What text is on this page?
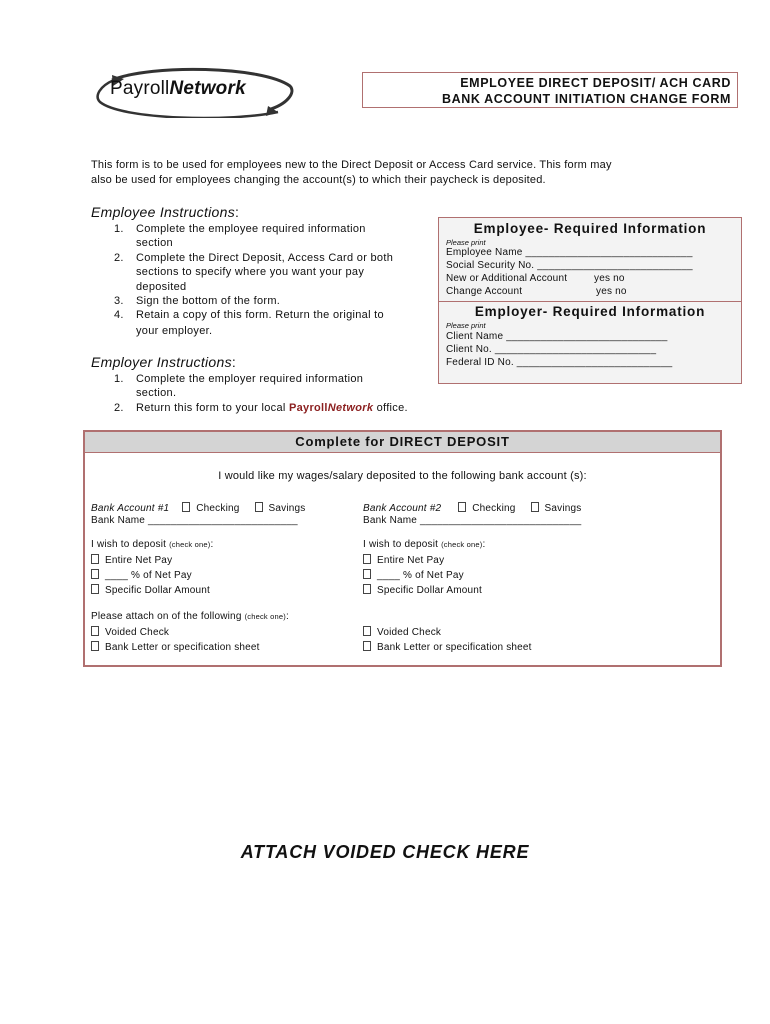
PayrollNetwork	EMPLOYEE DIRECT DEPOSIT/ ACH CARD
BANK ACCOUNT INITIATION CHANGE FORM
This form is to be used for employees new to the Direct Deposit or Access Card service. This form may
also be used for employees changing the account(s) to which their paycheck is deposited.
Employee Instructions:
1. Complete the employee required information
section
2. Complete the Direct Deposit, Access Card or both
sections to specify where you want your pay
deposited
3. Sign the bottom of the form.
4. Retain a copy of this form. Return the original to
your employer.
Employer Instructions:
1. Complete the employer required information
section.
2. Return this form to your local PayrollNetwork office.
Employee- Required Information
Please print
Employee Name _____________________________
Social Security No. ___________________________
New or Additional Account	yes no
Change Account	yes no
Employer- Required Information
Please print
Client Name ____________________________
Client No. ____________________________
Federal ID No. ___________________________
Complete for DIRECT DEPOSIT
I would like my wages/salary deposited to the following bank account (s):
Bank Account #1	Checking	Savings
Bank Name __________________________
I wish to deposit (check one):
Entire Net Pay
____ % of Net Pay
Specific Dollar Amount
Bank Account #2	Checking	Savings
Bank Name ____________________________
I wish to deposit (check one):
Entire Net Pay
____ % of Net Pay
Specific Dollar Amount
Please attach on of the following (check one):
Voided Check
Bank Letter or specification sheet
Voided Check
Bank Letter or specification sheet
ATTACH VOIDED CHECK HERE
